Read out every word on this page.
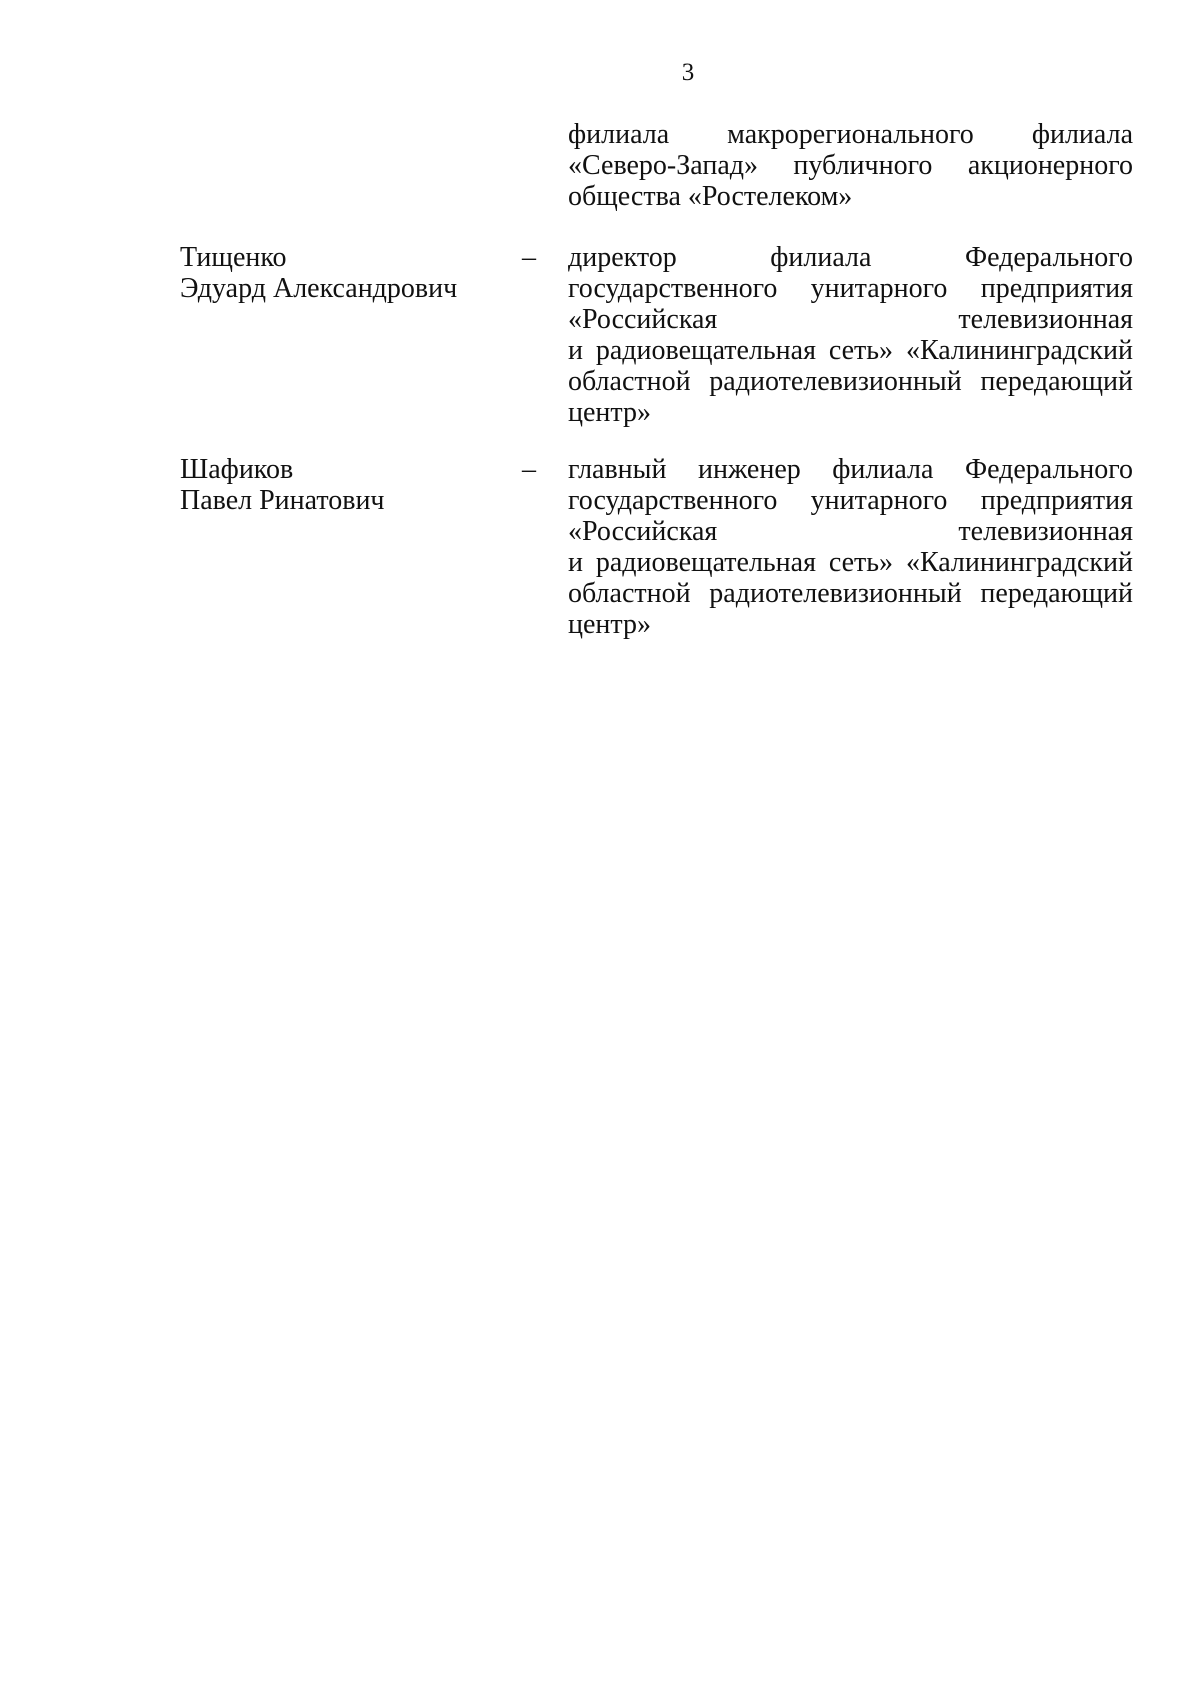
3
филиала макрорегионального филиала
«Северо-Запад» публичного акционерного
общества «Ростелеком»
Тищенко
Эдуард Александрович
– директор филиала Федерального
государственного унитарного предприятия
«Российская телевизионная
и радиовещательная сеть» «Калининградский
областной радиотелевизионный передающий
центр»
Шафиков
Павел Ринатович
– главный инженер филиала Федерального
государственного унитарного предприятия
«Российская телевизионная
и радиовещательная сеть» «Калининградский
областной радиотелевизионный передающий
центр»
